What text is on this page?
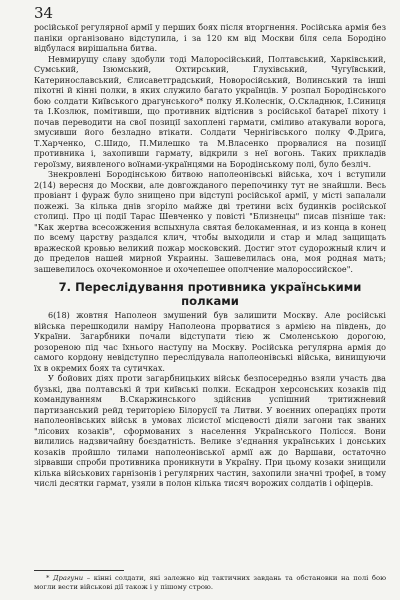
34

російської регулярної армії у перших боях після вторгнення. Російська армія без паніки організовано відступила, і за 120 км від Москви біля села Бородіно відбулася вирішальна битва.

Невмирущу славу здобули тоді Малоросійський, Полтавський, Харківський, Сумський, Ізюмський, Охтирський, Глухівський, Чугуївський, Катеринославський, Єлисаветградський, Новоросійський, Волинський та інші піхотні й кінні полки, в яких служило багато українців. У розпал Бородінського бою солдати Київського драгунського* полку Я.Колеснік, О.Складнюк, І.Синиця та І.Козлюк, помітивши, що противник відтіснив з російської батареї піхоту і почав переводити на свої позиції захоплені гармати, сміливо атакували ворога, змусивши його безладно втікати. Солдати Чернігівського полку Ф.Дрига, Т.Харченко, С.Шидо, П.Милешко та М.Власенко прорвалися на позиції противника і, захопивши гармату, відкрили з неї вогонь. Таких прикладів героїзму, виявленого воїнами-українцями на Бородінському полі, було безліч.

Знекровлені Бородінською битвою наполеонівські війська, хоч і вступили 2(14) вересня до Москви, але довгожданого перепочинку тут не знайшли. Весь провіант і фураж було знищено при відступі російської армії, у місті запалали пожежі. За кілька днів згоріло майже дві третини всіх будинків російської столиці. Про ці події Тарас Шевченко у повісті "Близнецы" писав пізніше так: "Как жертва всесожжения вспыхнула святая белокаменная, и из конца в конец по всему царству раздался клич, чтобы выходили и стар и млад защищать вражеской кровью великий пожар московский. Достиг этот судорожный клич и до пределов нашей мирной Украины. Зашевелилась она, моя родная мать; зашевелилось охочекомонное и охочепешее ополчение малороссийское".

7. Переслідування противника українськими полками

6(18) жовтня Наполеон змушений був залишити Москву. Але російські війська перешкодили наміру Наполеона прорватися з армією на південь, до України. Загарбники почали відступати тією ж Смоленською дорогою, розореною під час їхнього наступу на Москву. Російська регулярна армія до самого кордону невідступно переслідувала наполеонівські війська, винищуючи їх в окремих боях та сутичках.

У бойових діях проти загарбницьких військ безпосередньо взяли участь два бузькі, два полтавські й три київські полки. Ескадрон херсонських козаків під командуванням В.Скаржинського здійснив успішний тритижневий партизанський рейд територією Білорусії та Литви. У воєнних операціях проти наполеонівських військ в умовах лісистої місцевості діяли загони так званих "лісових козаків", сформованих з населення Українського Полісся. Вони вилились надзвичайну боєздатність. Велике з'єднання українських і донських козаків пройшло тилами наполеонівської армії аж до Варшави, остаточно зірвавши спроби противника проникнути в Україну. При цьому козаки знищили кілька військових гарнізонів і регулярних частин, захопили значні трофеї, в тому числі десятки гармат, узяли в полон кілька тисяч ворожих солдатів і офіцерів.

* Драгуни – кінні солдати, які залежно від тактичних завдань та обстановки на полі бою могли вести військові дії також і у пішому строю.
